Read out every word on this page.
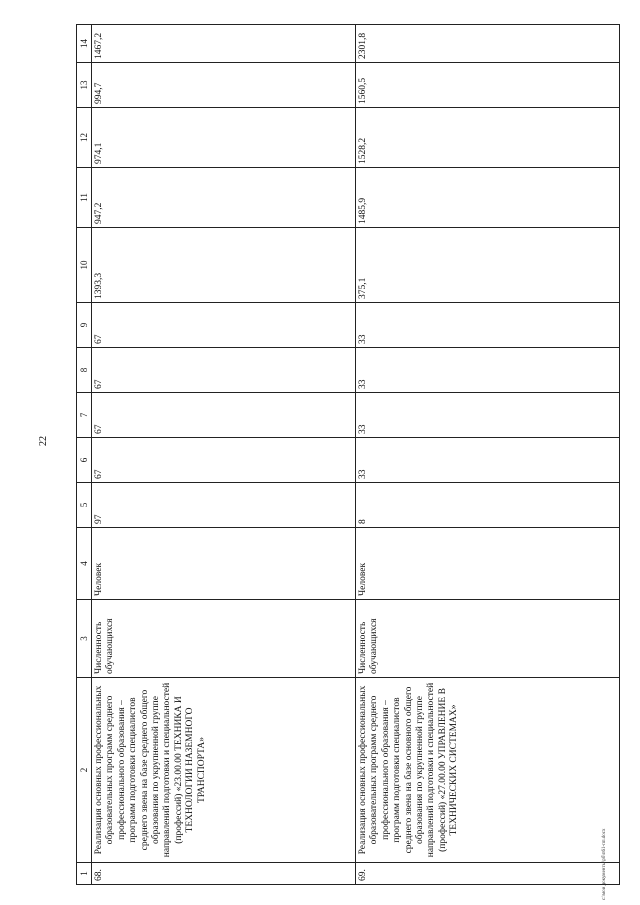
22
1	2	3	4	5	6	7	8	9	10	11	12	13	14
68.	Реализация основных профессиональных образовательных программ среднего профессионального образования – программ подготовки специалистов среднего звена на базе среднего общего образования по укрупненной группе направлений подготовки и специальностей (профессий) «23.00.00 ТЕХНИКА И ТЕХНОЛОГИИ НАЗЕМНОГО ТРАНСПОРТА»	Численность обучающихся	Человек	97	67	67	67	67	1393,3	947,2	974,1	994,7	1467,2
69.	Реализация основных профессиональных образовательных программ среднего профессионального образования – программ подготовки специалистов среднего звена на базе основного общего образования по укрупненной группе направлений подготовки и специальностей (профессий) «27.00.00 УПРАВЛЕНИЕ В ТЕХНИЧЕСКИХ СИСТЕМАХ»	Численность обучающихся	Человек	8	33	33	33	33	375,1	1485,9	1528,2	1560,5	2301,8
с:\мои документы\рб\п61-пп.docx
